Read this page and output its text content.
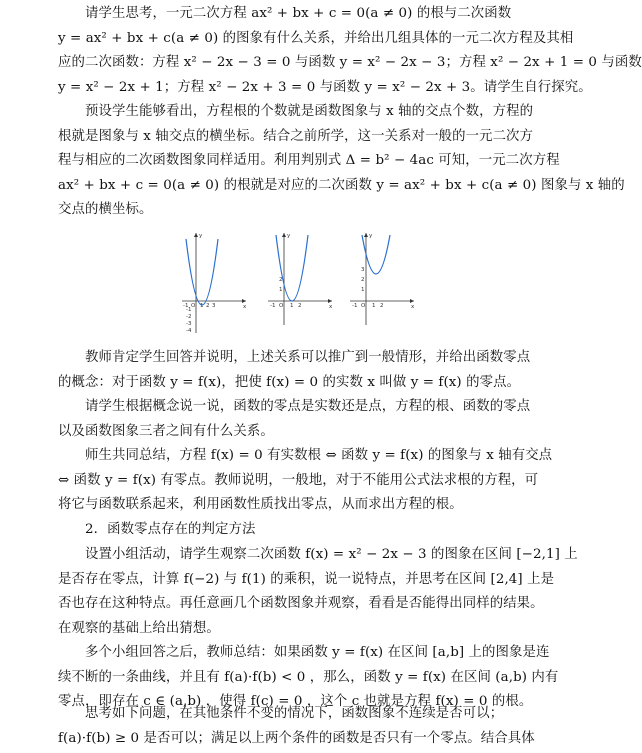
请学生思考，一元二次方程 ax² + bx + c = 0(a ≠ 0) 的根与二次函数
y = ax² + bx + c(a ≠ 0) 的图象有什么关系，并给出几组具体的一元二次方程及其相
应的二次函数：方程 x² − 2x − 3 = 0 与函数 y = x² − 2x − 3；方程 x² − 2x + 1 = 0 与函数
y = x² − 2x + 1；方程 x² − 2x + 3 = 0 与函数 y = x² − 2x + 3。请学生自行探究。
预设学生能够看出，方程根的个数就是函数图象与 x 轴的交点个数，方程的
根就是图象与 x 轴交点的横坐标。结合之前所学，这一关系对一般的一元二次方
程与相应的二次函数图象同样适用。利用判别式 Δ = b² − 4ac 可知，一元二次方程
ax² + bx + c = 0(a ≠ 0) 的根就是对应的二次函数 y = ax² + bx + c(a ≠ 0) 图象与 x 轴的
交点的横坐标。
O
-1 1 2 3	x
y
-1
-2
-3
-4
O
-1	1 2	x
y
1
2
O
-1	1 2	x
y
1
2
3
教师肯定学生回答并说明，上述关系可以推广到一般情形，并给出函数零点
的概念：对于函数 y = f(x)，把使 f(x) = 0 的实数 x 叫做 y = f(x) 的零点。
请学生根据概念说一说，函数的零点是实数还是点，方程的根、函数的零点
以及函数图象三者之间有什么关系。
师生共同总结，方程 f(x) = 0 有实数根 ⇔ 函数 y = f(x) 的图象与 x 轴有交点
⇔ 函数 y = f(x) 有零点。教师说明，一般地，对于不能用公式法求根的方程，可
将它与函数联系起来，利用函数性质找出零点，从而求出方程的根。
2．函数零点存在的判定方法
设置小组活动，请学生观察二次函数 f(x) = x² − 2x − 3 的图象在区间 [−2,1] 上
是否存在零点，计算 f(−2) 与 f(1) 的乘积，说一说特点，并思考在区间 [2,4] 上是
否也存在这种特点。再任意画几个函数图象并观察，看看是否能得出同样的结果。
在观察的基础上给出猜想。
多个小组回答之后，教师总结：如果函数 y = f(x) 在区间 [a,b] 上的图象是连
续不断的一条曲线，并且有 f(a)·f(b) < 0 ，那么，函数 y = f(x) 在区间 (a,b) 内有
零点，即存在 c ∈ (a,b) ，使得 f(c) = 0 ，这个 c 也就是方程 f(x) = 0 的根。
思考如下问题，在其他条件不变的情况下，函数图象不连续是否可以；
f(a)·f(b) ≥ 0 是否可以；满足以上两个条件的函数是否只有一个零点。结合具体
